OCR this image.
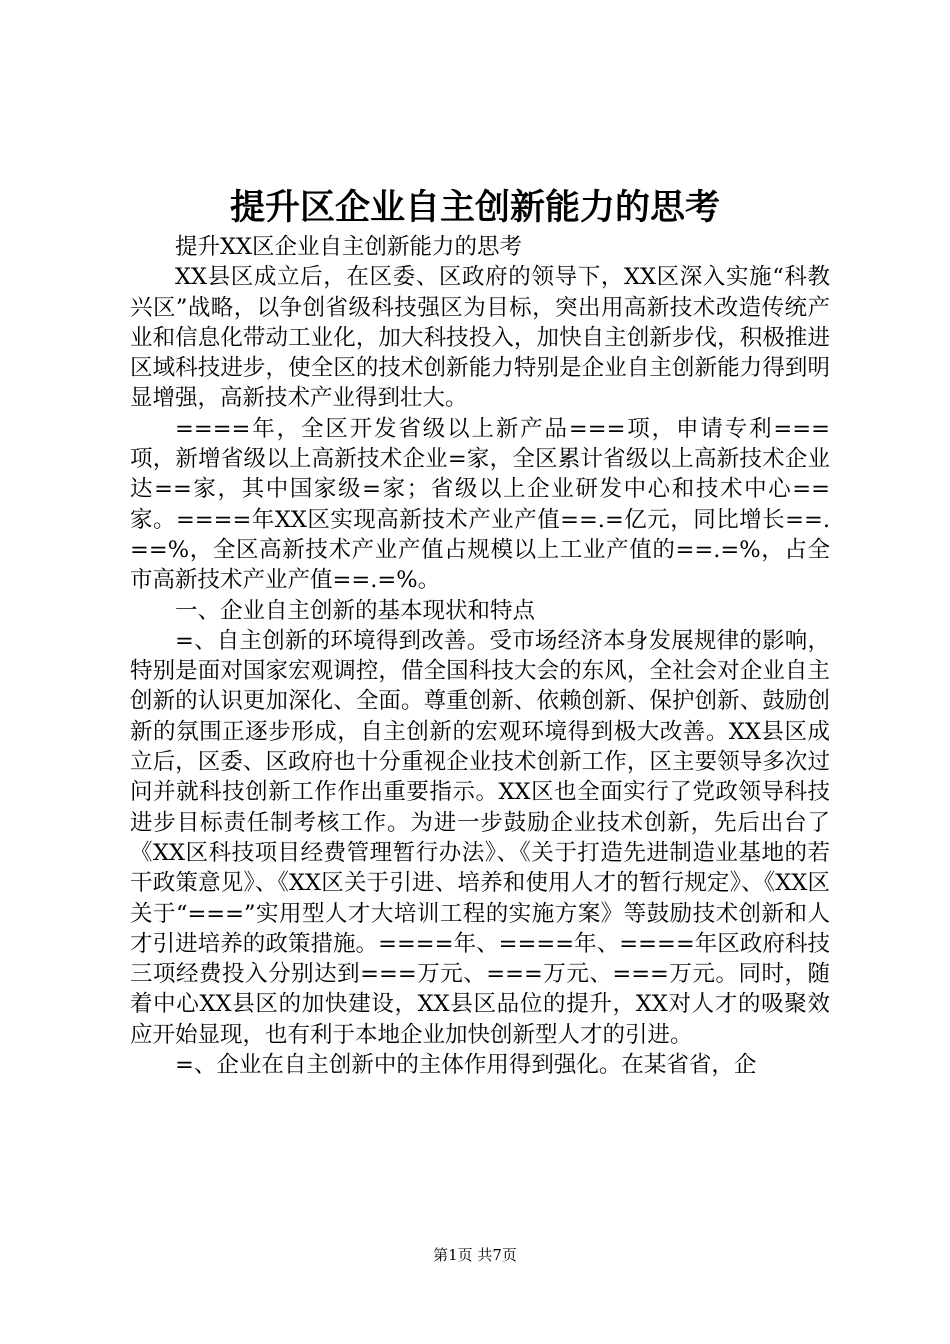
提升区企业自主创新能力的思考

提升XX区企业自主创新能力的思考

XX县区成立后，在区委、区政府的领导下，XX区深入实施“科教兴区”战略，以争创省级科技强区为目标，突出用高新技术改造传统产业和信息化带动工业化，加大科技投入，加快自主创新步伐，积极推进区域科技进步，使全区的技术创新能力特别是企业自主创新能力得到明显增强，高新技术产业得到壮大。

====年，全区开发省级以上新产品===项，申请专利===项，新增省级以上高新技术企业=家，全区累计省级以上高新技术企业达==家，其中国家级=家；省级以上企业研发中心和技术中心==家。====年XX区实现高新技术产业产值==.=亿元，同比增长==.==%，全区高新技术产业产值占规模以上工业产值的==.=%，占全市高新技术产业产值==.=%。

一、企业自主创新的基本现状和特点

=、自主创新的环境得到改善。受市场经济本身发展规律的影响，特别是面对国家宏观调控，借全国科技大会的东风，全社会对企业自主创新的认识更加深化、全面。尊重创新、依赖创新、保护创新、鼓励创新的氛围正逐步形成，自主创新的宏观环境得到极大改善。XX县区成立后，区委、区政府也十分重视企业技术创新工作，区主要领导多次过问并就科技创新工作作出重要指示。XX区也全面实行了党政领导科技进步目标责任制考核工作。为进一步鼓励企业技术创新，先后出台了《XX区科技项目经费管理暂行办法》、《关于打造先进制造业基地的若干政策意见》、《XX区关于引进、培养和使用人才的暂行规定》、《XX区关于“===”实用型人才大培训工程的实施方案》等鼓励技术创新和人才引进培养的政策措施。====年、====年、====年区政府科技三项经费投入分别达到===万元、===万元、===万元。同时，随着中心XX县区的加快建设，XX县区品位的提升，XX对人才的吸聚效应开始显现，也有利于本地企业加快创新型人才的引进。

=、企业在自主创新中的主体作用得到强化。在某省省，企

第1页 共7页
